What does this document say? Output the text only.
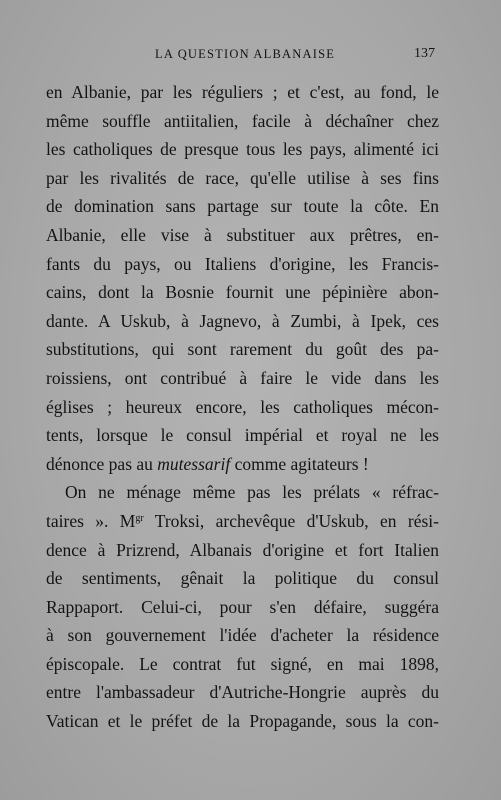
LA QUESTION ALBANAISE	137
en Albanie, par les réguliers ; et c'est, au fond, le
même souffle antiitalien, facile à déchaîner chez
les catholiques de presque tous les pays, alimenté ici
par les rivalités de race, qu'elle utilise à ses fins
de domination sans partage sur toute la côte. En
Albanie, elle vise à substituer aux prêtres, en-
fants du pays, ou Italiens d'origine, les Francis-
cains, dont la Bosnie fournit une pépinière abon-
dante. A Uskub, à Jagnevo, à Zumbi, à Ipek, ces
substitutions, qui sont rarement du goût des pa-
roissiens, ont contribué à faire le vide dans les
églises ; heureux encore, les catholiques mécon-
tents, lorsque le consul impérial et royal ne les
dénonce pas au mutessarif comme agitateurs !
On ne ménage même pas les prélats « réfrac-
taires ». $M^{gr}$ Troksi, archevêque d'Uskub, en rési-
dence à Prizrend, Albanais d'origine et fort Italien
de sentiments, gênait la politique du consul
Rappaport. Celui-ci, pour s'en défaire, suggéra
à son gouvernement l'idée d'acheter la résidence
épiscopale. Le contrat fut signé, en mai 1898,
entre l'ambassadeur d'Autriche-Hongrie auprès du
Vatican et le préfet de la Propagande, sous la con-
